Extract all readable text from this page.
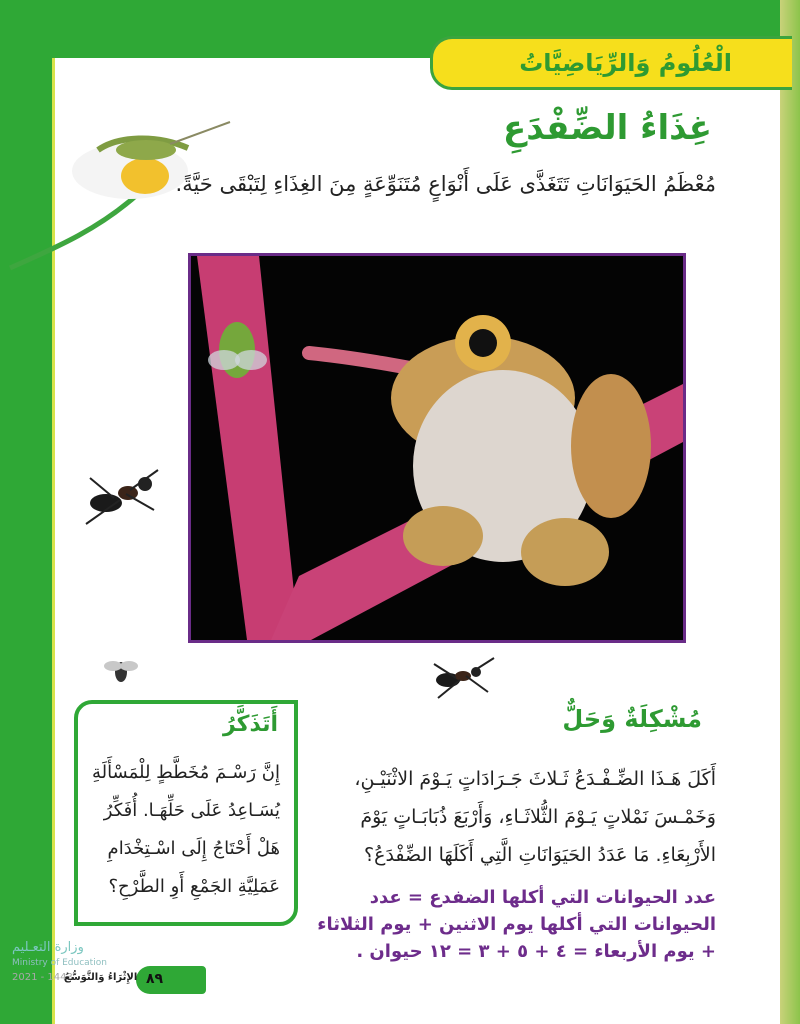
الْعُلُومُ وَالرِّيَاضِيَّاتُ
غِذَاءُ الضِّفْدَعِ
مُعْظَمُ الحَيَوَانَاتِ تَتَغَذَّى عَلَى أَنْوَاعٍ مُتَنَوِّعَةٍ مِنَ الغِذَاءِ لِتَبْقَى حَيَّةً.
مُشْكِلَةٌ وَحَلٌّ
أَكَلَ هَـذَا الضِّـفْـدَعُ ثَـلاثَ جَـرَادَاتٍ يَـوْمَ الاثْنَيْـنِ، وَخَمْـسَ نَمْلاتٍ يَـوْمَ الثُّلاثَـاءِ، وَأَرْبَعَ ذُبَابَـاتٍ يَوْمَ الأَرْبِعَاءِ. مَا عَدَدُ الحَيَوَانَاتِ الَّتِي أَكَلَهَا الضِّفْدَعُ؟
عدد الحيوانات التي أكلها الضفدع = عدد الحيوانات التي أكلها يوم الاثنين + يوم الثلاثاء + يوم الأربعاء = ٤ + ٥ + ٣ = ١٢ حيوان .
أَتَذَكَّرُ
إِنَّ رَسْـمَ مُخَطَّطٍ لِلْمَسْأَلَةِ يُسَـاعِدُ عَلَى حَلِّهَـا. أُفَكِّرُ هَلْ أَحْتَاجُ إِلَى اسْـتِخْدَامِ عَمَلِيَّةِ الجَمْعِ أَوِ الطَّرْحِ؟
وزارة التعـليم
Ministry of Education
2021 - 1443	٨٩
الإِثْرَاءُ وَالتَّوَسُّعُ
